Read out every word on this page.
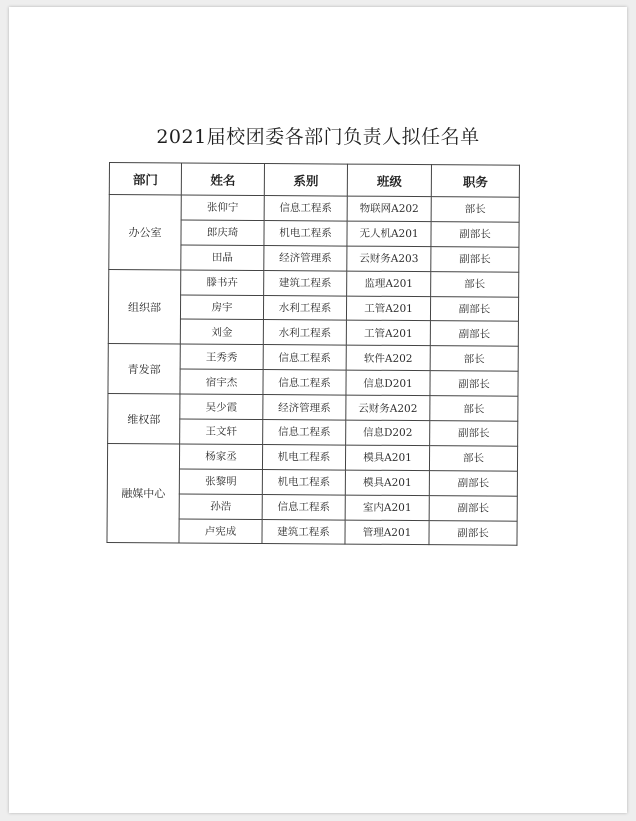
2021届校团委各部门负责人拟任名单
部门	姓名	系别	班级	职务
办公室	张仰宁	信息工程系	物联网A202	部长
	郎庆琦	机电工程系	无人机A201	副部长
	田晶	经济管理系	云财务A203	副部长
组织部	滕书卉	建筑工程系	监理A201	部长
	房宇	水利工程系	工管A201	副部长
	刘金	水利工程系	工管A201	副部长
青发部	王秀秀	信息工程系	软件A202	部长
	宿宇杰	信息工程系	信息D201	副部长
维权部	吴少霞	经济管理系	云财务A202	部长
	王文轩	信息工程系	信息D202	副部长
融媒中心	杨家丞	机电工程系	模具A201	部长
	张黎明	机电工程系	模具A201	副部长
	孙浩	信息工程系	室内A201	副部长
	卢宪成	建筑工程系	管理A201	副部长
